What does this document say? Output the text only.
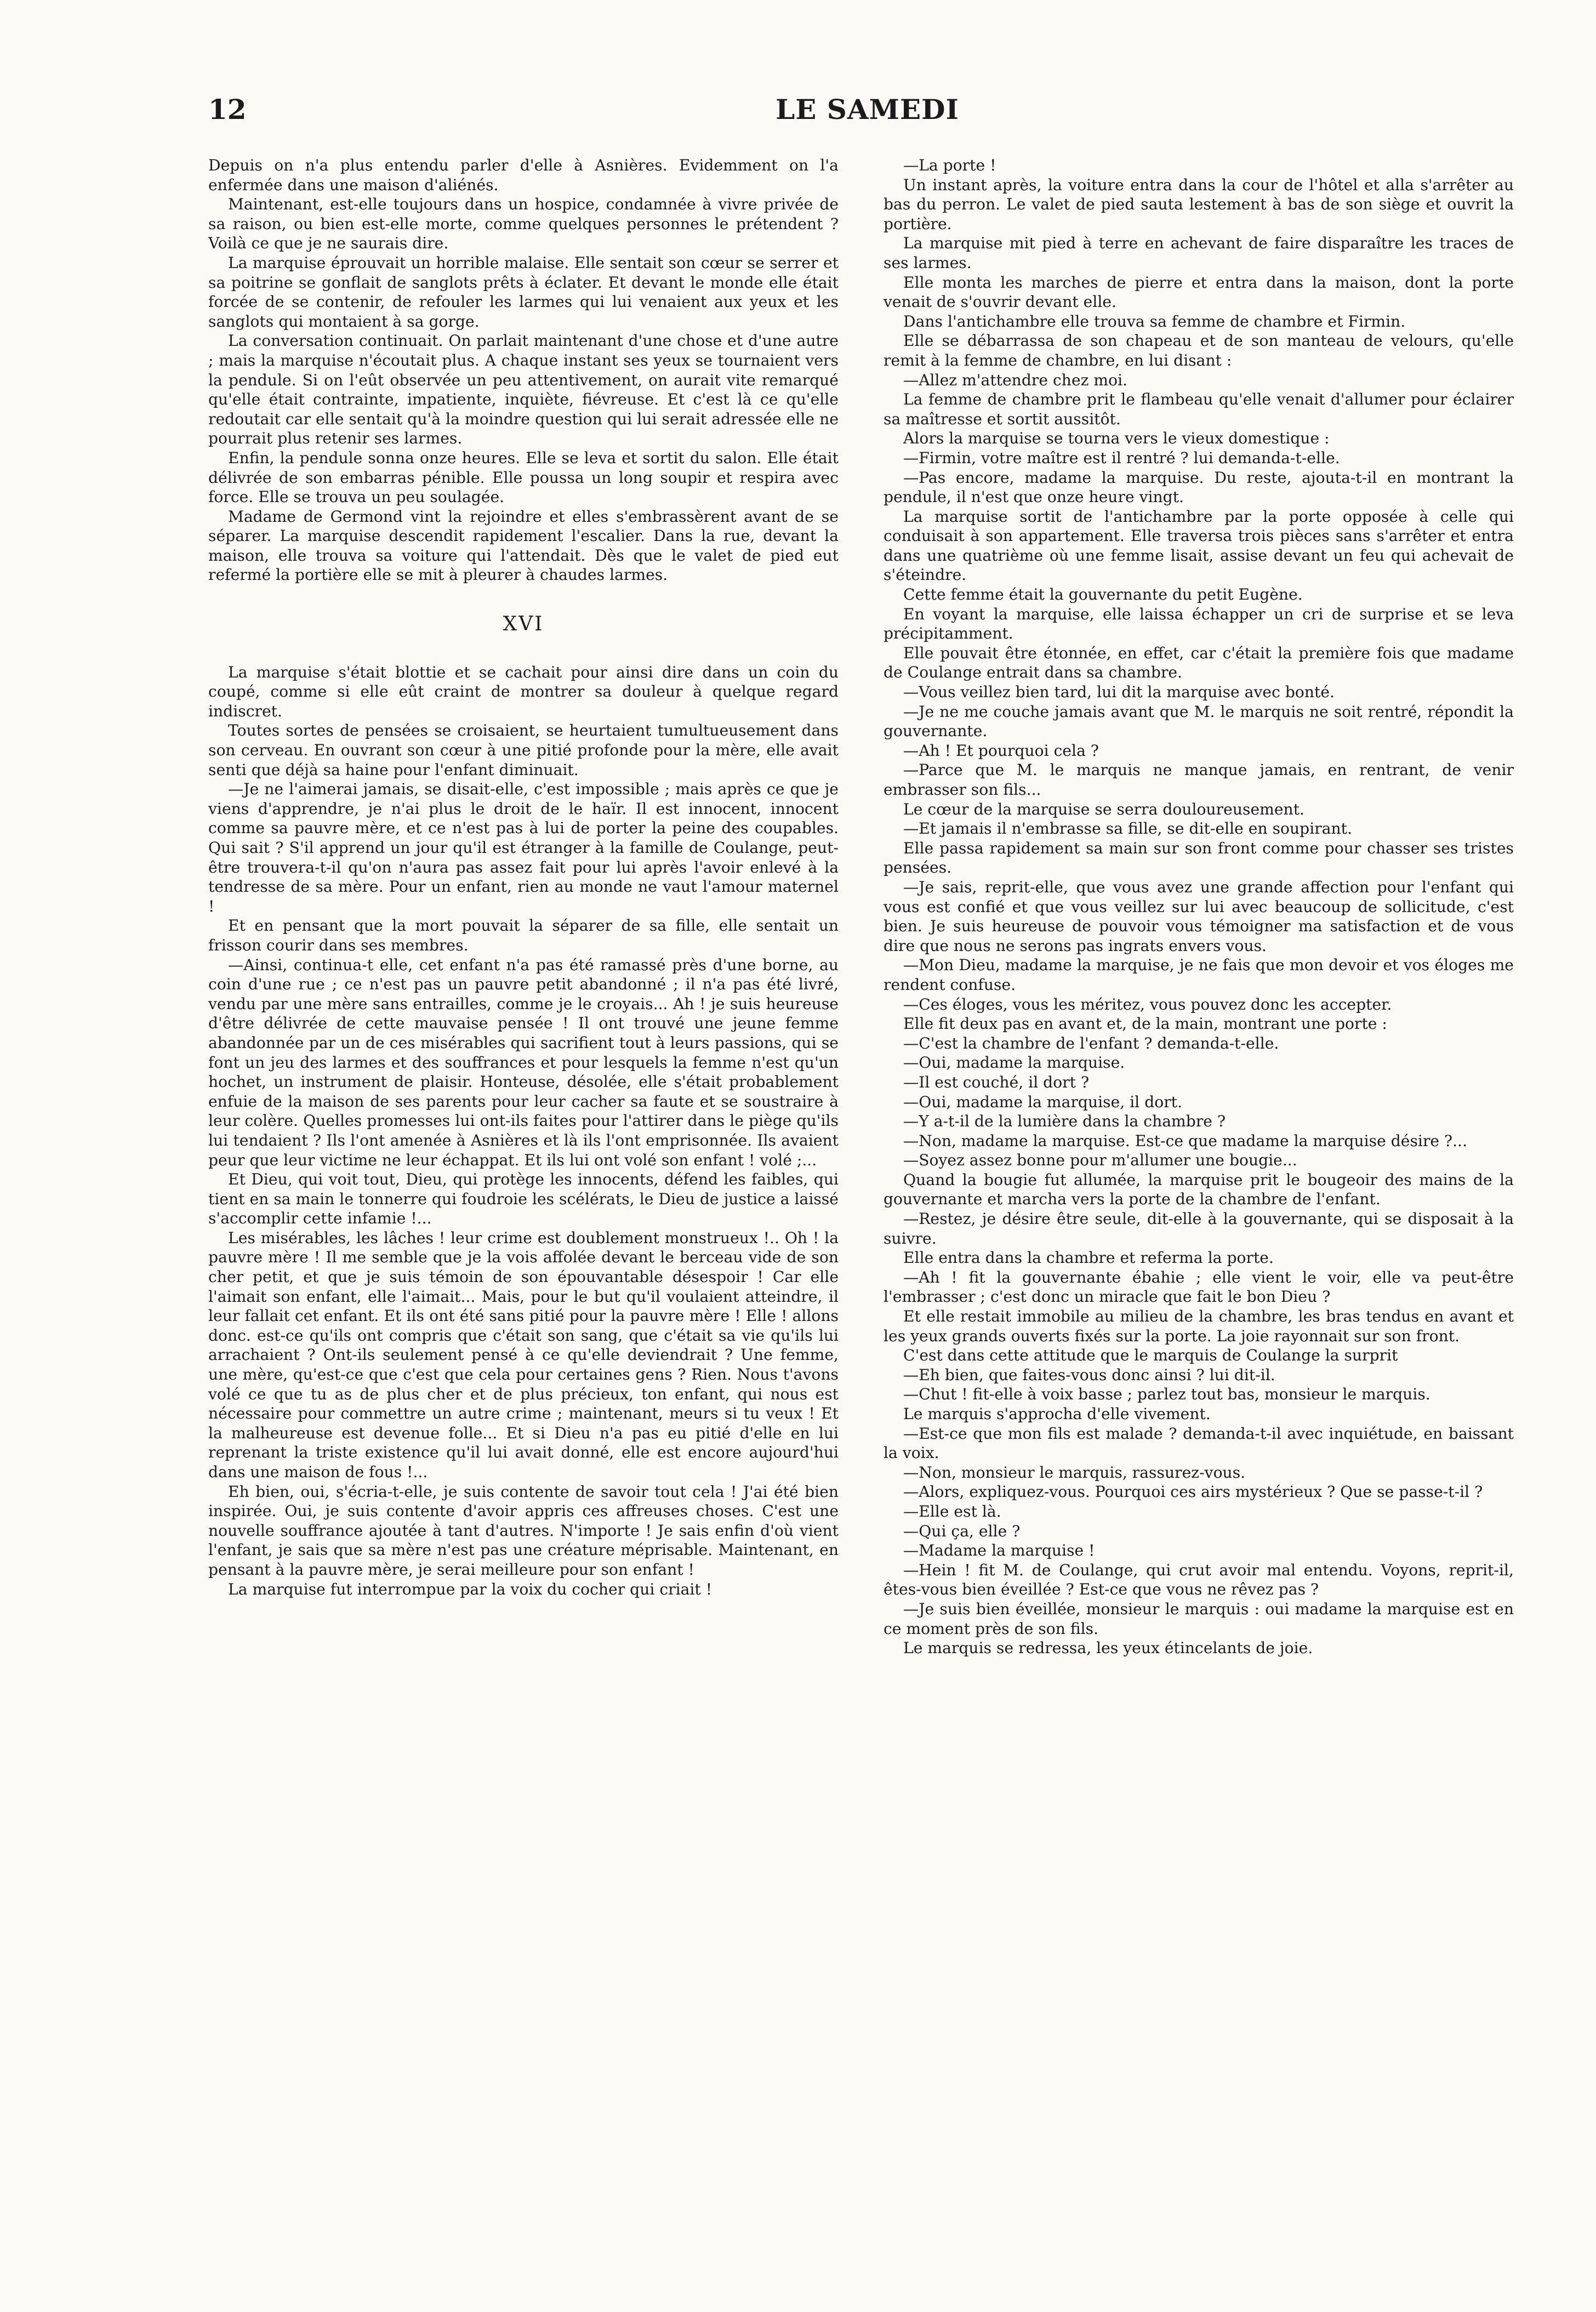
12	LE SAMEDI

Depuis on n'a plus entendu parler d'elle à Asnières. Evidemment on l'a enfermée dans une maison d'aliénés.

Maintenant, est-elle toujours dans un hospice, condamnée à vivre privée de sa raison, ou bien est-elle morte, comme quelques personnes le prétendent ? Voilà ce que je ne saurais dire.

La marquise éprouvait un horrible malaise. Elle sentait son cœur se serrer et sa poitrine se gonflait de sanglots prêts à éclater. Et devant le monde elle était forcée de se contenir, de refouler les larmes qui lui venaient aux yeux et les sanglots qui montaient à sa gorge.

La conversation continuait. On parlait maintenant d'une chose et d'une autre ; mais la marquise n'écoutait plus. A chaque instant ses yeux se tournaient vers la pendule. Si on l'eût observée un peu attentivement, on aurait vite remarqué qu'elle était contrainte, impatiente, inquiète, fiévreuse. Et c'est là ce qu'elle redoutait car elle sentait qu'à la moindre question qui lui serait adressée elle ne pourrait plus retenir ses larmes.

Enfin, la pendule sonna onze heures. Elle se leva et sortit du salon. Elle était délivrée de son embarras pénible. Elle poussa un long soupir et respira avec force. Elle se trouva un peu soulagée.

Madame de Germond vint la rejoindre et elles s'embrassèrent avant de se séparer. La marquise descendit rapidement l'escalier. Dans la rue, devant la maison, elle trouva sa voiture qui l'attendait. Dès que le valet de pied eut refermé la portière elle se mit à pleurer à chaudes larmes.

XVI

La marquise s'était blottie et se cachait pour ainsi dire dans un coin du coupé, comme si elle eût craint de montrer sa douleur à quelque regard indiscret.

Toutes sortes de pensées se croisaient, se heurtaient tumultueusement dans son cerveau. En ouvrant son cœur à une pitié profonde pour la mère, elle avait senti que déjà sa haine pour l'enfant diminuait.

—Je ne l'aimerai jamais, se disait-elle, c'est impossible ; mais après ce que je viens d'apprendre, je n'ai plus le droit de le haïr. Il est innocent, innocent comme sa pauvre mère, et ce n'est pas à lui de porter la peine des coupables. Qui sait ? S'il apprend un jour qu'il est étranger à la famille de Coulange, peut-être trouvera-t-il qu'on n'aura pas assez fait pour lui après l'avoir enlevé à la tendresse de sa mère. Pour un enfant, rien au monde ne vaut l'amour maternel !

Et en pensant que la mort pouvait la séparer de sa fille, elle sentait un frisson courir dans ses membres.

—Ainsi, continua-t elle, cet enfant n'a pas été ramassé près d'une borne, au coin d'une rue ; ce n'est pas un pauvre petit abandonné ; il n'a pas été livré, vendu par une mère sans entrailles, comme je le croyais... Ah ! je suis heureuse d'être délivrée de cette mauvaise pensée ! Il ont trouvé une jeune femme abandonnée par un de ces misérables qui sacrifient tout à leurs passions, qui se font un jeu des larmes et des souffrances et pour lesquels la femme n'est qu'un hochet, un instrument de plaisir. Honteuse, désolée, elle s'était probablement enfuie de la maison de ses parents pour leur cacher sa faute et se soustraire à leur colère. Quelles promesses lui ont-ils faites pour l'attirer dans le piège qu'ils lui tendaient ? Ils l'ont amenée à Asnières et là ils l'ont emprisonnée. Ils avaient peur que leur victime ne leur échappat. Et ils lui ont volé son enfant ! volé ;...

Et Dieu, qui voit tout, Dieu, qui protège les innocents, défend les faibles, qui tient en sa main le tonnerre qui foudroie les scélérats, le Dieu de justice a laissé s'accomplir cette infamie !...

Les misérables, les lâches ! leur crime est doublement monstrueux !.. Oh ! la pauvre mère ! Il me semble que je la vois affolée devant le berceau vide de son cher petit, et que je suis témoin de son épouvantable désespoir ! Car elle l'aimait son enfant, elle l'aimait... Mais, pour le but qu'il voulaient atteindre, il leur fallait cet enfant. Et ils ont été sans pitié pour la pauvre mère ! Elle ! allons donc. est-ce qu'ils ont compris que c'était son sang, que c'était sa vie qu'ils lui arrachaient ? Ont-ils seulement pensé à ce qu'elle deviendrait ? Une femme, une mère, qu'est-ce que c'est que cela pour certaines gens ? Rien. Nous t'avons volé ce que tu as de plus cher et de plus précieux, ton enfant, qui nous est nécessaire pour commettre un autre crime ; maintenant, meurs si tu veux ! Et la malheureuse est devenue folle... Et si Dieu n'a pas eu pitié d'elle en lui reprenant la triste existence qu'il lui avait donné, elle est encore aujourd'hui dans une maison de fous !...

Eh bien, oui, s'écria-t-elle, je suis contente de savoir tout cela ! J'ai été bien inspirée. Oui, je suis contente d'avoir appris ces affreuses choses. C'est une nouvelle souffrance ajoutée à tant d'autres. N'importe ! Je sais enfin d'où vient l'enfant, je sais que sa mère n'est pas une créature méprisable. Maintenant, en pensant à la pauvre mère, je serai meilleure pour son enfant !

La marquise fut interrompue par la voix du cocher qui criait !

—La porte !

Un instant après, la voiture entra dans la cour de l'hôtel et alla s'arrêter au bas du perron. Le valet de pied sauta lestement à bas de son siège et ouvrit la portière.

La marquise mit pied à terre en achevant de faire disparaître les traces de ses larmes.

Elle monta les marches de pierre et entra dans la maison, dont la porte venait de s'ouvrir devant elle.

Dans l'antichambre elle trouva sa femme de chambre et Firmin.

Elle se débarrassa de son chapeau et de son manteau de velours, qu'elle remit à la femme de chambre, en lui disant :

—Allez m'attendre chez moi.

La femme de chambre prit le flambeau qu'elle venait d'allumer pour éclairer sa maîtresse et sortit aussitôt.

Alors la marquise se tourna vers le vieux domestique :

—Firmin, votre maître est il rentré ? lui demanda-t-elle.

—Pas encore, madame la marquise. Du reste, ajouta-t-il en montrant la pendule, il n'est que onze heure vingt.

La marquise sortit de l'antichambre par la porte opposée à celle qui conduisait à son appartement. Elle traversa trois pièces sans s'arrêter et entra dans une quatrième où une femme lisait, assise devant un feu qui achevait de s'éteindre.

Cette femme était la gouvernante du petit Eugène.

En voyant la marquise, elle laissa échapper un cri de surprise et se leva précipitamment.

Elle pouvait être étonnée, en effet, car c'était la première fois que madame de Coulange entrait dans sa chambre.

—Vous veillez bien tard, lui dit la marquise avec bonté.

—Je ne me couche jamais avant que M. le marquis ne soit rentré, répondit la gouvernante.

—Ah ! Et pourquoi cela ?

—Parce que M. le marquis ne manque jamais, en rentrant, de venir embrasser son fils...

Le cœur de la marquise se serra douloureusement.

—Et jamais il n'embrasse sa fille, se dit-elle en soupirant.

Elle passa rapidement sa main sur son front comme pour chasser ses tristes pensées.

—Je sais, reprit-elle, que vous avez une grande affection pour l'enfant qui vous est confié et que vous veillez sur lui avec beaucoup de sollicitude, c'est bien. Je suis heureuse de pouvoir vous témoigner ma satisfaction et de vous dire que nous ne serons pas ingrats envers vous.

—Mon Dieu, madame la marquise, je ne fais que mon devoir et vos éloges me rendent confuse.

—Ces éloges, vous les méritez, vous pouvez donc les accepter.

Elle fit deux pas en avant et, de la main, montrant une porte :

—C'est la chambre de l'enfant ? demanda-t-elle.

—Oui, madame la marquise.

—Il est couché, il dort ?

—Oui, madame la marquise, il dort.

—Y a-t-il de la lumière dans la chambre ?

—Non, madame la marquise. Est-ce que madame la marquise désire ?...

—Soyez assez bonne pour m'allumer une bougie...

Quand la bougie fut allumée, la marquise prit le bougeoir des mains de la gouvernante et marcha vers la porte de la chambre de l'enfant.

—Restez, je désire être seule, dit-elle à la gouvernante, qui se disposait à la suivre.

Elle entra dans la chambre et referma la porte.

—Ah ! fit la gouvernante ébahie ; elle vient le voir, elle va peut-être l'embrasser ; c'est donc un miracle que fait le bon Dieu ?

Et elle restait immobile au milieu de la chambre, les bras tendus en avant et les yeux grands ouverts fixés sur la porte. La joie rayonnait sur son front.

C'est dans cette attitude que le marquis de Coulange la surprit

—Eh bien, que faites-vous donc ainsi ? lui dit-il.

—Chut ! fit-elle à voix basse ; parlez tout bas, monsieur le marquis.

Le marquis s'approcha d'elle vivement.

—Est-ce que mon fils est malade ? demanda-t-il avec inquiétude, en baissant la voix.

—Non, monsieur le marquis, rassurez-vous.

—Alors, expliquez-vous. Pourquoi ces airs mystérieux ? Que se passe-t-il ?

—Elle est là.

—Qui ça, elle ?

—Madame la marquise !

—Hein ! fit M. de Coulange, qui crut avoir mal entendu. Voyons, reprit-il, êtes-vous bien éveillée ? Est-ce que vous ne rêvez pas ?

—Je suis bien éveillée, monsieur le marquis : oui madame la marquise est en ce moment près de son fils.

Le marquis se redressa, les yeux étincelants de joie.
